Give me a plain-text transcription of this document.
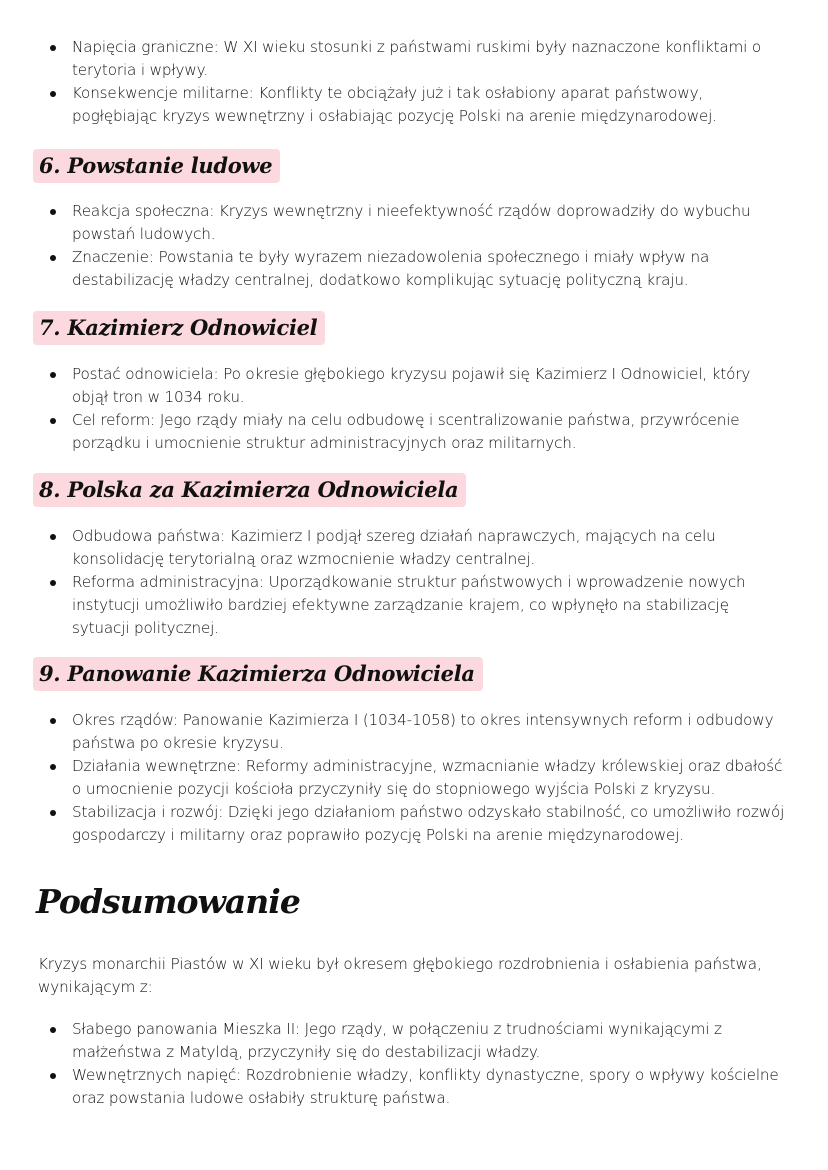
Napięcia graniczne: W XI wieku stosunki z państwami ruskimi były naznaczone konfliktami o terytoria i wpływy.
Konsekwencje militarne: Konflikty te obciążały już i tak osłabiony aparat państwowy, pogłębiając kryzys wewnętrzny i osłabiając pozycję Polski na arenie międzynarodowej.
6. Powstanie ludowe
Reakcja społeczna: Kryzys wewnętrzny i nieefektywność rządów doprowadziły do wybuchu powstań ludowych.
Znaczenie: Powstania te były wyrazem niezadowolenia społecznego i miały wpływ na destabilizację władzy centralnej, dodatkowo komplikując sytuację polityczną kraju.
7. Kazimierz Odnowiciel
Postać odnowiciela: Po okresie głębokiego kryzysu pojawił się Kazimierz I Odnowiciel, który objął tron w 1034 roku.
Cel reform: Jego rządy miały na celu odbudowę i scentralizowanie państwa, przywrócenie porządku i umocnienie struktur administracyjnych oraz militarnych.
8. Polska za Kazimierza Odnowiciela
Odbudowa państwa: Kazimierz I podjął szereg działań naprawczych, mających na celu konsolidację terytorialną oraz wzmocnienie władzy centralnej.
Reforma administracyjna: Uporządkowanie struktur państwowych i wprowadzenie nowych instytucji umożliwiło bardziej efektywne zarządzanie krajem, co wpłynęło na stabilizację sytuacji politycznej.
9. Panowanie Kazimierza Odnowiciela
Okres rządów: Panowanie Kazimierza I (1034-1058) to okres intensywnych reform i odbudowy państwa po okresie kryzysu.
Działania wewnętrzne: Reformy administracyjne, wzmacnianie władzy królewskiej oraz dbałość o umocnienie pozycji kościoła przyczyniły się do stopniowego wyjścia Polski z kryzysu.
Stabilizacja i rozwój: Dzięki jego działaniom państwo odzyskało stabilność, co umożliwiło rozwój gospodarczy i militarny oraz poprawiło pozycję Polski na arenie międzynarodowej.
Podsumowanie

Kryzys monarchii Piastów w XI wieku był okresem głębokiego rozdrobnienia i osłabienia państwa, wynikającym z:

Słabego panowania Mieszka II: Jego rządy, w połączeniu z trudnościami wynikającymi z małżeństwa z Matyldą, przyczyniły się do destabilizacji władzy.
Wewnętrznych napięć: Rozdrobnienie władzy, konflikty dynastyczne, spory o wpływy kościelne oraz powstania ludowe osłabiły strukturę państwa.
